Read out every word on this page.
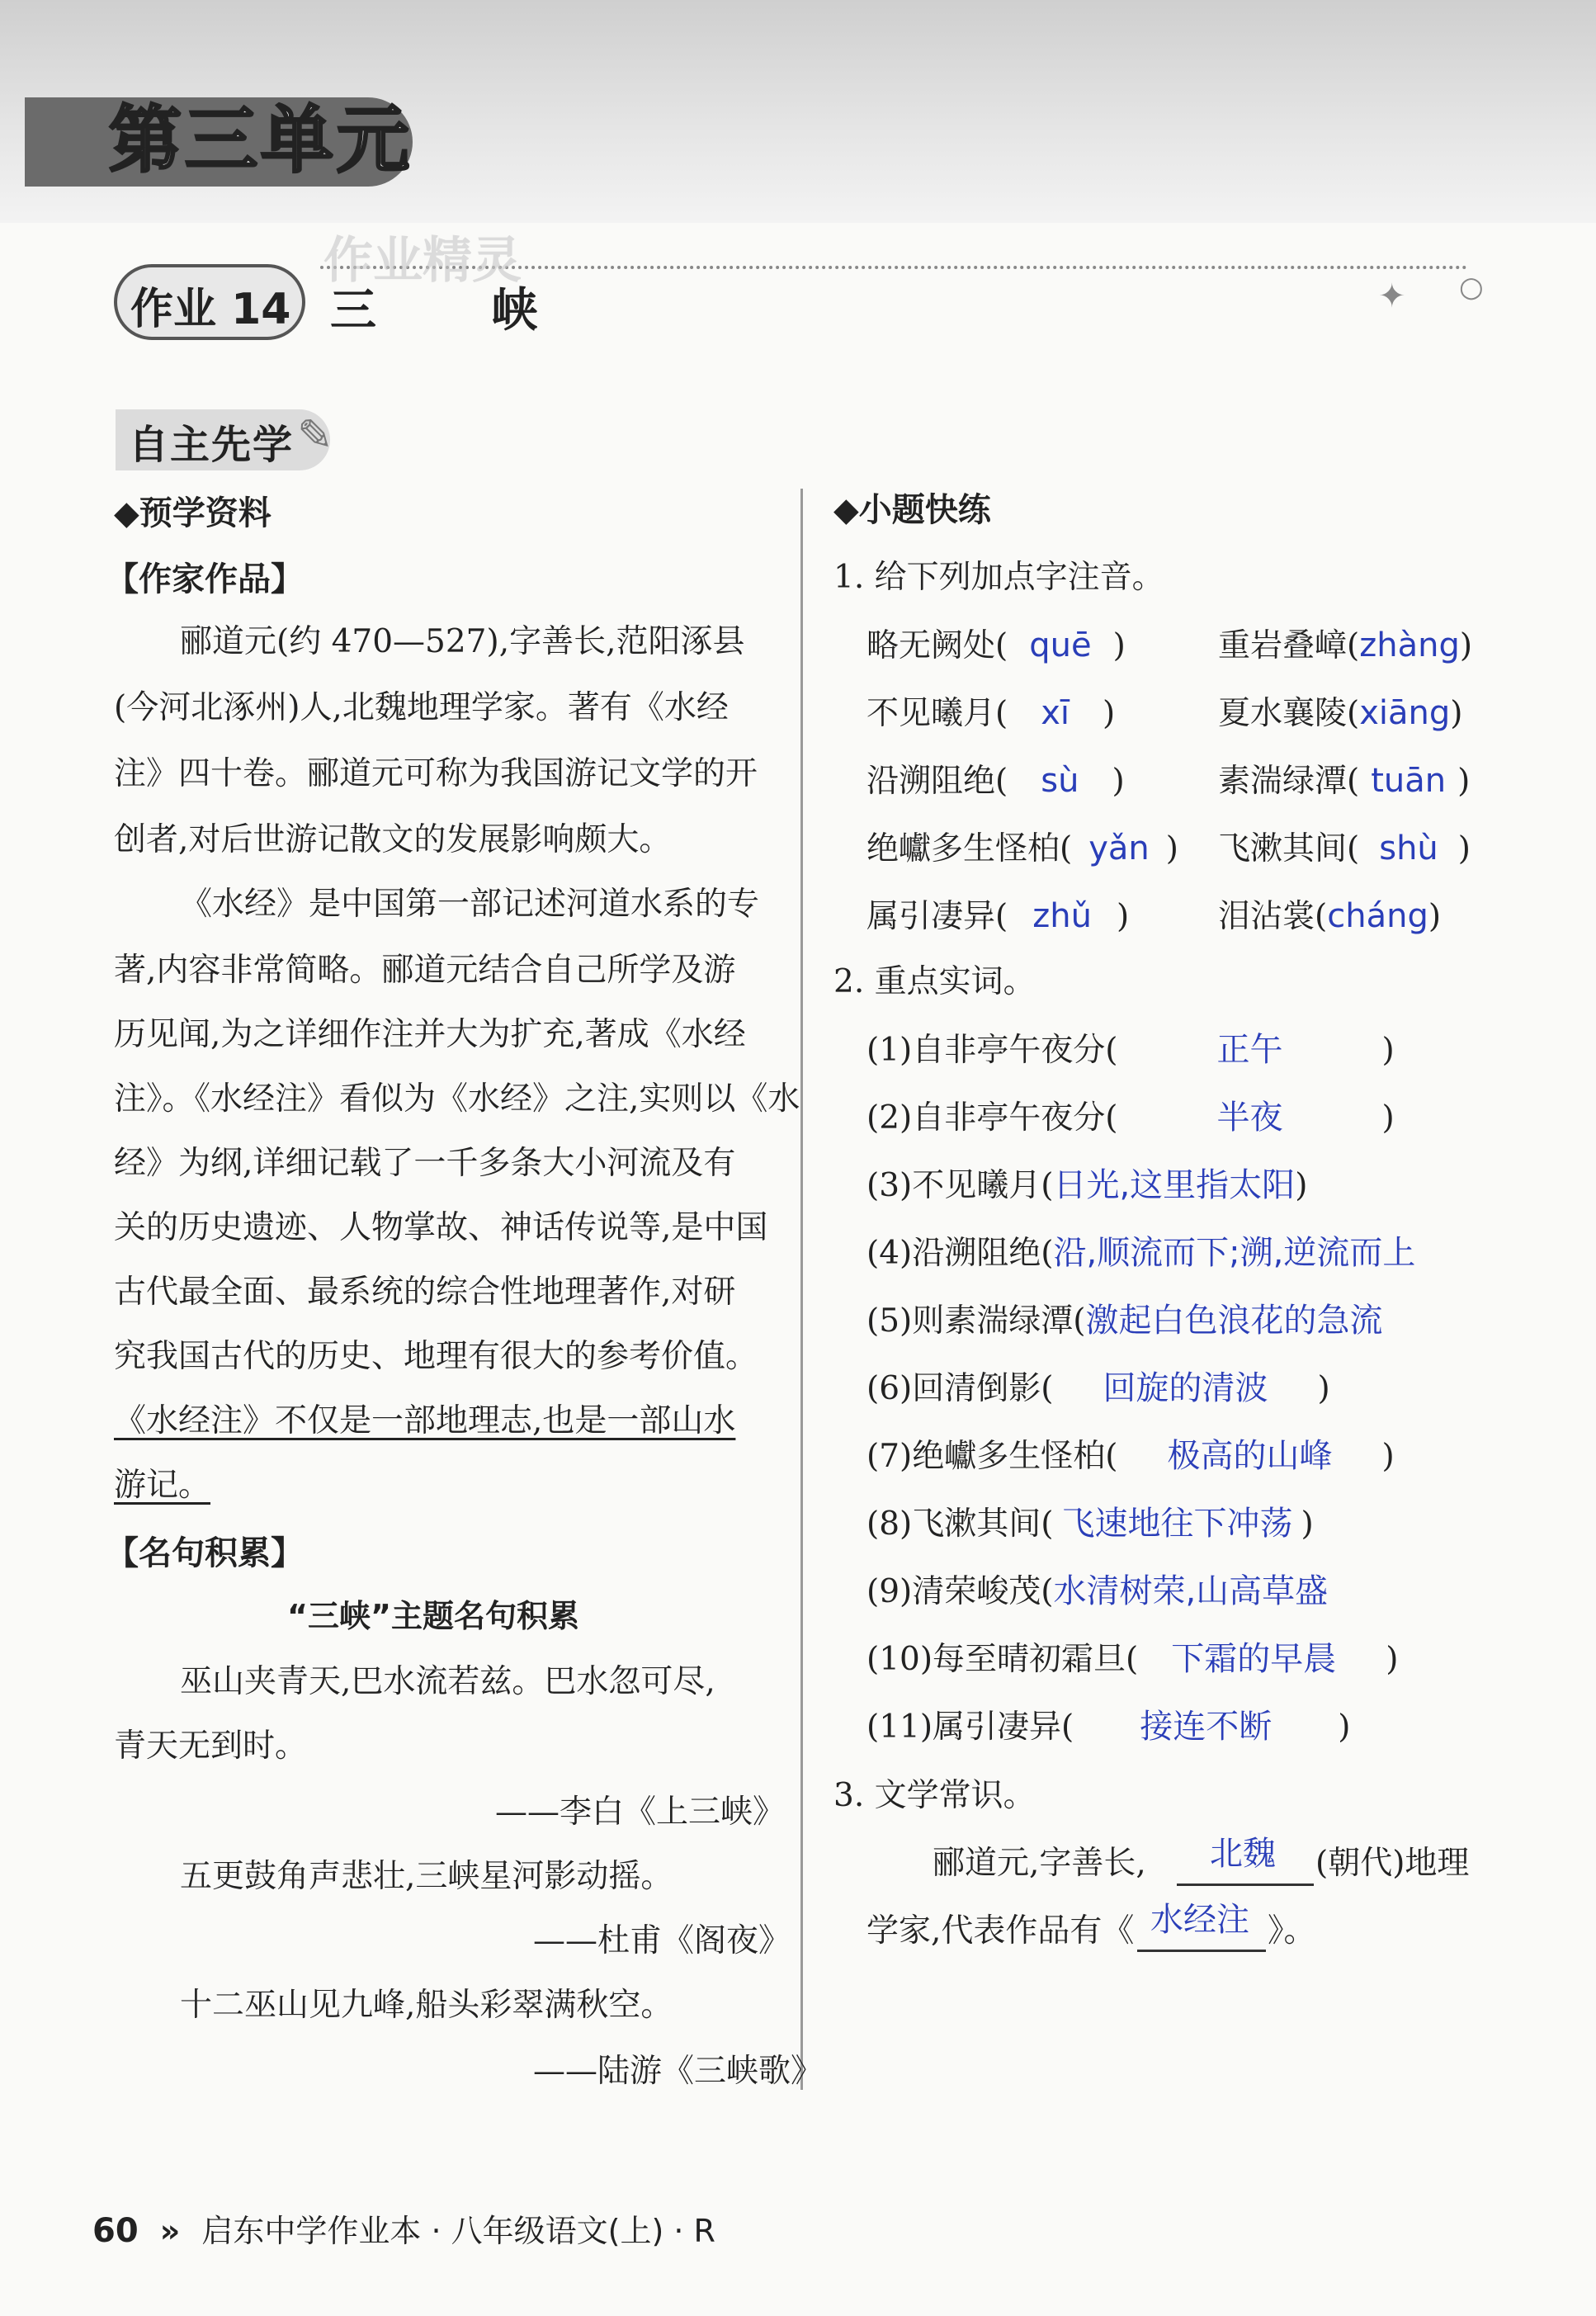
第三单元
作业精灵
作业 14 三 峡	✦ ○
自主先学 ✎
◆预学资料
【作家作品】
郦道元(约 470—527),字善长,范阳涿县
(今河北涿州)人,北魏地理学家。著有《水经
注》四十卷。郦道元可称为我国游记文学的开
创者,对后世游记散文的发展影响颇大。
《水经》是中国第一部记述河道水系的专
著,内容非常简略。郦道元结合自己所学及游
历见闻,为之详细作注并大为扩充,著成《水经
注》。《水经注》看似为《水经》之注,实则以《水
经》为纲,详细记载了一千多条大小河流及有
关的历史遗迹、人物掌故、神话传说等,是中国
古代最全面、最系统的综合性地理著作,对研
究我国古代的历史、地理有很大的参考价值。
《水经注》不仅是一部地理志,也是一部山水
游记。
【名句积累】
“三峡”主题名句积累
巫山夹青天,巴水流若兹。巴水忽可尽,
青天无到时。
——李白《上三峡》
五更鼓角声悲壮,三峡星河影动摇。
——杜甫《阁夜》
十二巫山见九峰,船头彩翠满秋空。
——陆游《三峡歌》
◆小题快练
1. 给下列加点字注音。
略无阙处( quē )	重岩叠嶂(zhàng)
不见曦月( xī )	夏水襄陵(xiāng)
沿溯阻绝( sù )	素湍绿潭( tuān )
绝巘多生怪柏( yǎn ) 飞漱其间( shù )
属引凄异( zhǔ )	泪沾裳(cháng)
2. 重点实词。
(1)自非亭午夜分(	正午	)
(2)自非亭午夜分(	半夜	)
(3)不见曦月(日光,这里指太阳)
(4)沿溯阻绝(沿,顺流而下;溯,逆流而上
(5)则素湍绿潭(激起白色浪花的急流
(6)回清倒影( 回旋的清波 )
(7)绝巘多生怪柏( 极高的山峰 )
(8)飞漱其间( 飞速地往下冲荡 )
(9)清荣峻茂(水清树荣,山高草盛
(10)每至晴初霜旦( 下霜的早晨 )
(11)属引凄异( 接连不断 )
3. 文学常识。
郦道元,字善长, 北魏 (朝代)地理
学家,代表作品有《 水经注 》。
60 » 启东中学作业本 · 八年级语文(上) · R
